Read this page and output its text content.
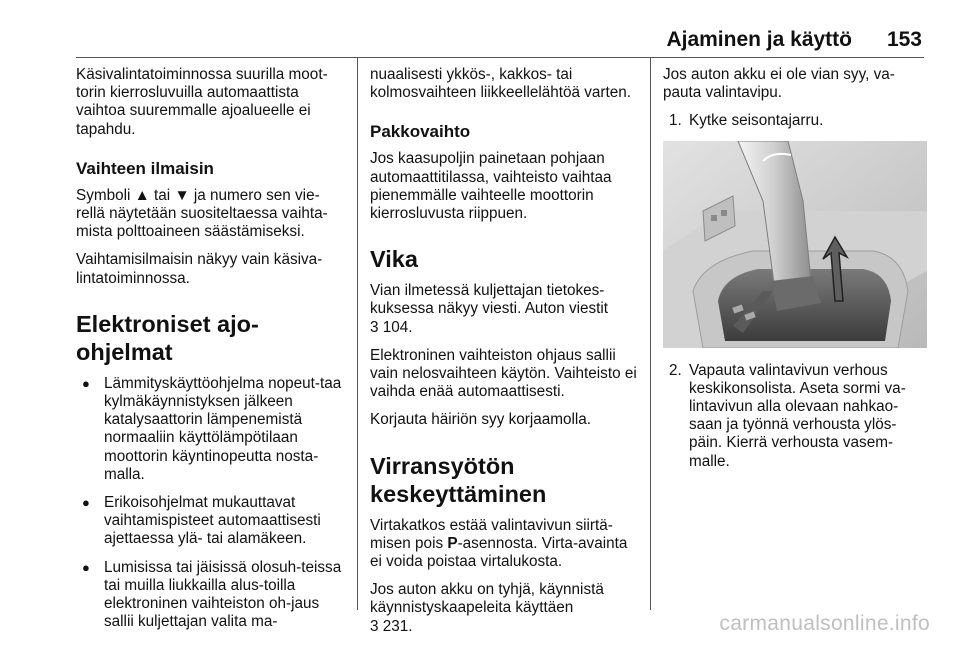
Ajaminen ja käyttö 153

Käsivalintatoiminnossa suurilla moot-torin kierrosluvuilla automaattista vaihtoa suuremmalle ajoalueelle ei tapahdu.

Vaihteen ilmaisin

Symboli ▲ tai ▼ ja numero sen vie-rellä näytetään suositeltaessa vaihta-mista polttoaineen säästämiseksi.

Vaihtamisilmaisin näkyy vain käsiva-lintatoiminnossa.

Elektroniset ajo-ohjelmat
● Lämmityskäyttöohjelma nopeut-taa kylmäkäynnistyksen jälkeen katalysaattorin lämpenemistä normaaliin käyttölämpötilaan moottorin käyntinopeutta nosta-malla.
● Erikoisohjelmat mukauttavat vaihtamispisteet automaattisesti ajettaessa ylä- tai alamäkeen.
● Lumisissa tai jäisissä olosuh-teissa tai muilla liukkailla alus-toilla elektroninen vaihteiston oh-jaus sallii kuljettajan valita ma-

nuaalisesti ykkös-, kakkos- tai kolmosvaihteen liikkeellelähtöä varten.

Pakkovaihto

Jos kaasupoljin painetaan pohjaan automaattitilassa, vaihteisto vaihtaa pienemmälle vaihteelle moottorin kierrosluvusta riippuen.

Vika

Vian ilmetessä kuljettajan tietokes-kuksessa näkyy viesti. Auton viestit
3 104.

Elektroninen vaihteiston ohjaus sallii vain nelosvaihteen käytön. Vaihteisto ei vaihda enää automaattisesti.

Korjauta häiriön syy korjaamolla.

Virransyötön
keskeyttäminen

Virtakatkos estää valintavivun siirtä-misen pois P-asennosta. Virta-avainta ei voida poistaa virtalukosta.

Jos auton akku on tyhjä, käynnistä käynnistyskaapeleita käyttäen
3 231.

Jos auton akku ei ole vian syy, va-pauta valintavipu.

1. Kytke seisontajarru.
2. Vapauta valintavivun verhous keskikonsolista. Aseta sormi va-lintavivun alla olevaan nahkao-saan ja työnnä verhousta ylös-päin. Kierrä verhousta vasem-malle.
carmanualsonline.info
